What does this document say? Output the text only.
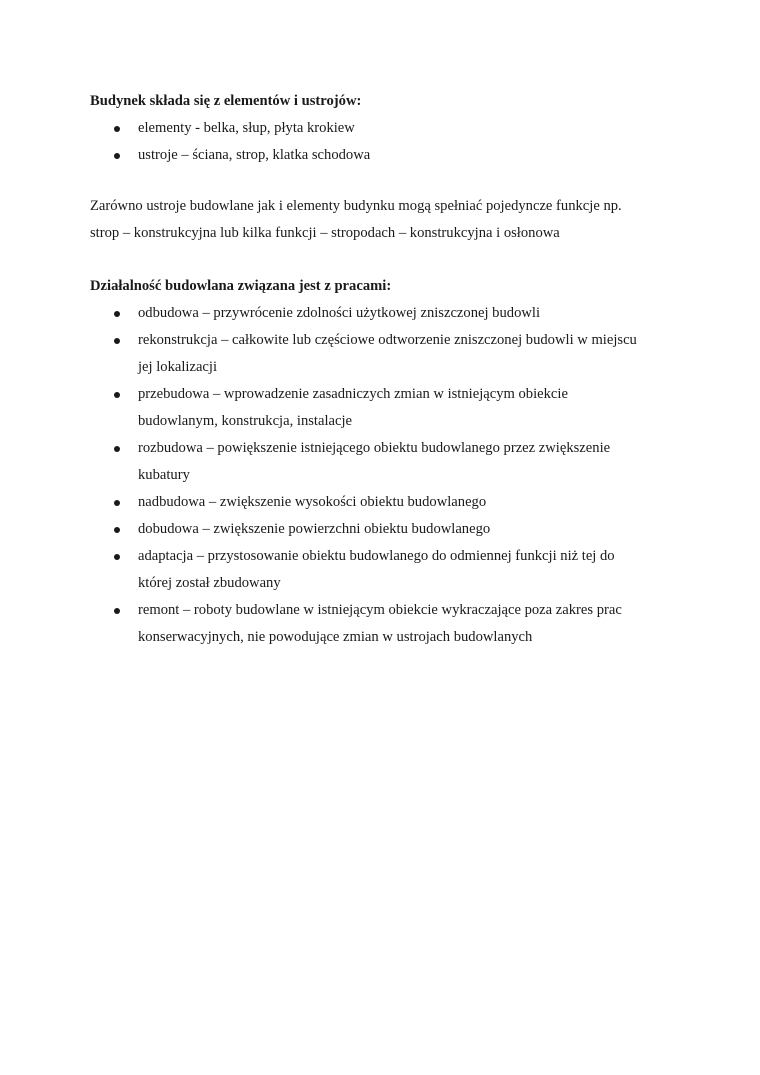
Budynek składa się z elementów i ustrojów:

elementy - belka, słup, płyta krokiew
ustroje – ściana, strop, klatka schodowa

Zarówno ustroje budowlane jak i elementy budynku mogą spełniać pojedyncze funkcje np.

strop – konstrukcyjna lub kilka funkcji – stropodach – konstrukcyjna i osłonowa

Działalność budowlana związana jest z pracami:

odbudowa – przywrócenie zdolności użytkowej zniszczonej budowli
rekonstrukcja – całkowite lub częściowe odtworzenie zniszczonej budowli w miejscu
jej lokalizacji
przebudowa – wprowadzenie zasadniczych zmian w istniejącym obiekcie
budowlanym, konstrukcja, instalacje
rozbudowa – powiększenie istniejącego obiektu budowlanego przez zwiększenie
kubatury
nadbudowa – zwiększenie wysokości obiektu budowlanego
dobudowa – zwiększenie powierzchni obiektu budowlanego
adaptacja – przystosowanie obiektu budowlanego do odmiennej funkcji niż tej do
której został zbudowany
remont – roboty budowlane w istniejącym obiekcie wykraczające poza zakres prac
konserwacyjnych, nie powodujące zmian w ustrojach budowlanych
